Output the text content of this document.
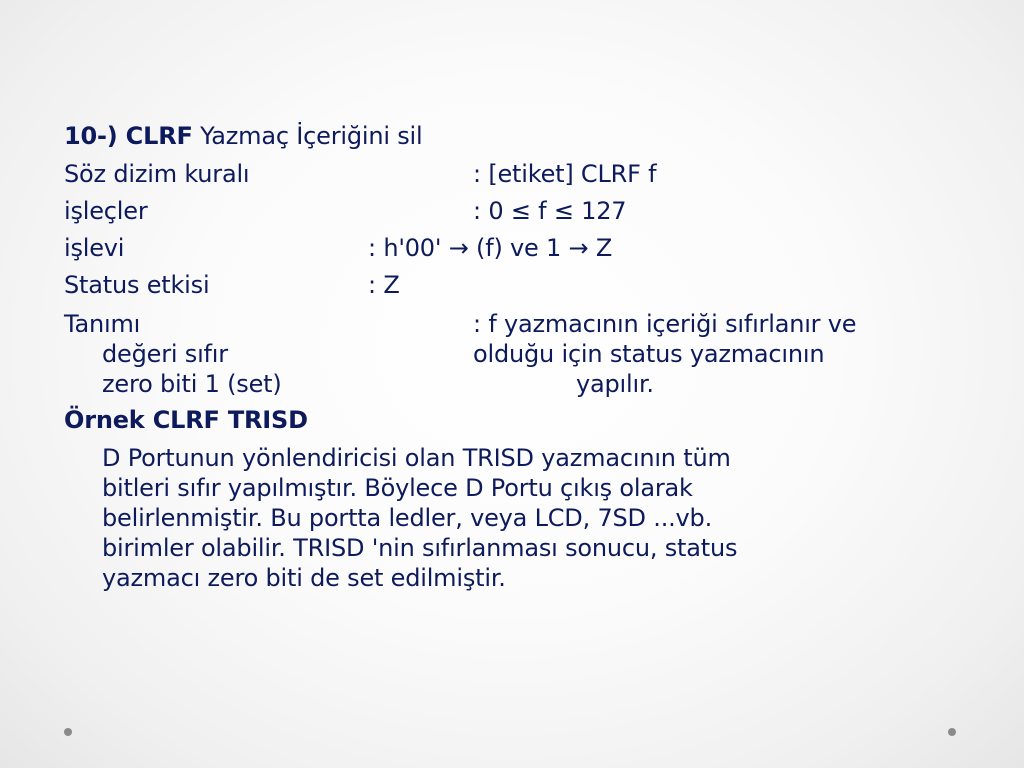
10-) CLRF Yazmaç İçeriğini sil
Söz dizim kuralı	: [etiket] CLRF f
işleçler	: 0 ≤ f ≤ 127
işlevi	: h'00' → (f) ve 1 → Z
Status etkisi	: Z
Tanımı	: f yazmacının içeriği sıfırlanır ve
değeri sıfır	olduğu için status yazmacının
zero biti 1 (set)	yapılır.
Örnek CLRF TRISD
D Portunun yönlendiricisi olan TRISD yazmacının tüm
bitleri sıfır yapılmıştır. Böylece D Portu çıkış olarak
belirlenmiştir. Bu portta ledler, veya LCD, 7SD ...vb.
birimler olabilir. TRISD 'nin sıfırlanması sonucu, status
yazmacı zero biti de set edilmiştir.
